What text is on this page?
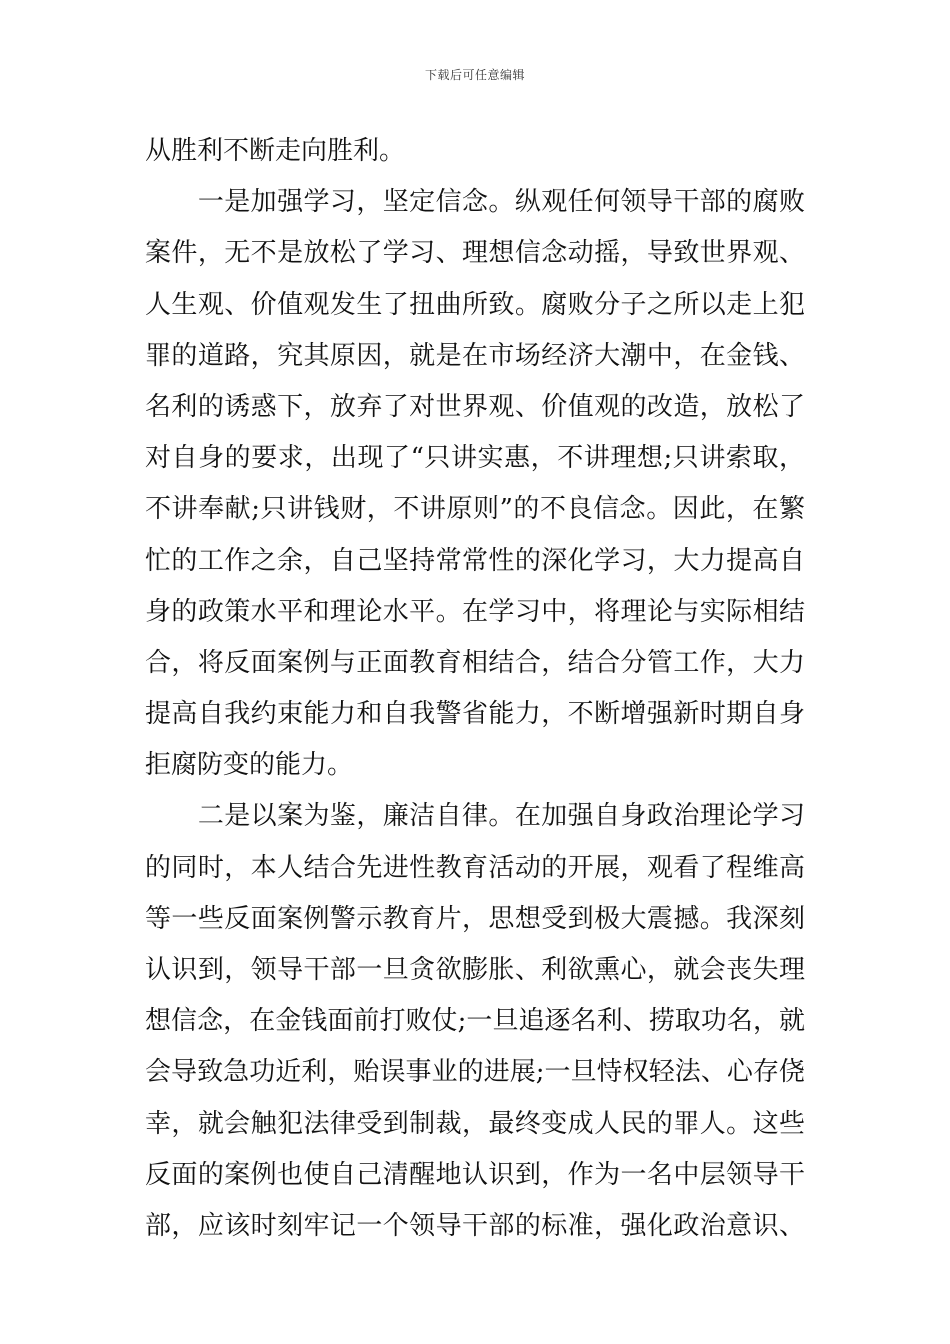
下载后可任意编辑
从胜利不断走向胜利。
　　一是加强学习，坚定信念。纵观任何领导干部的腐败
案件，无不是放松了学习、理想信念动摇，导致世界观、
人生观、价值观发生了扭曲所致。腐败分子之所以走上犯
罪的道路，究其原因，就是在市场经济大潮中，在金钱、
名利的诱惑下，放弃了对世界观、价值观的改造，放松了
对自身的要求，出现了“只讲实惠，不讲理想;只讲索取，
不讲奉献;只讲钱财，不讲原则”的不良信念。因此，在繁
忙的工作之余，自己坚持常常性的深化学习，大力提高自
身的政策水平和理论水平。在学习中，将理论与实际相结
合，将反面案例与正面教育相结合，结合分管工作，大力
提高自我约束能力和自我警省能力，不断增强新时期自身
拒腐防变的能力。
　　二是以案为鉴，廉洁自律。在加强自身政治理论学习
的同时，本人结合先进性教育活动的开展，观看了程维高
等一些反面案例警示教育片，思想受到极大震撼。我深刻
认识到，领导干部一旦贪欲膨胀、利欲熏心，就会丧失理
想信念，在金钱面前打败仗;一旦追逐名利、捞取功名，就
会导致急功近利，贻误事业的进展;一旦恃权轻法、心存侥
幸，就会触犯法律受到制裁，最终变成人民的罪人。这些
反面的案例也使自己清醒地认识到，作为一名中层领导干
部，应该时刻牢记一个领导干部的标准，强化政治意识、
